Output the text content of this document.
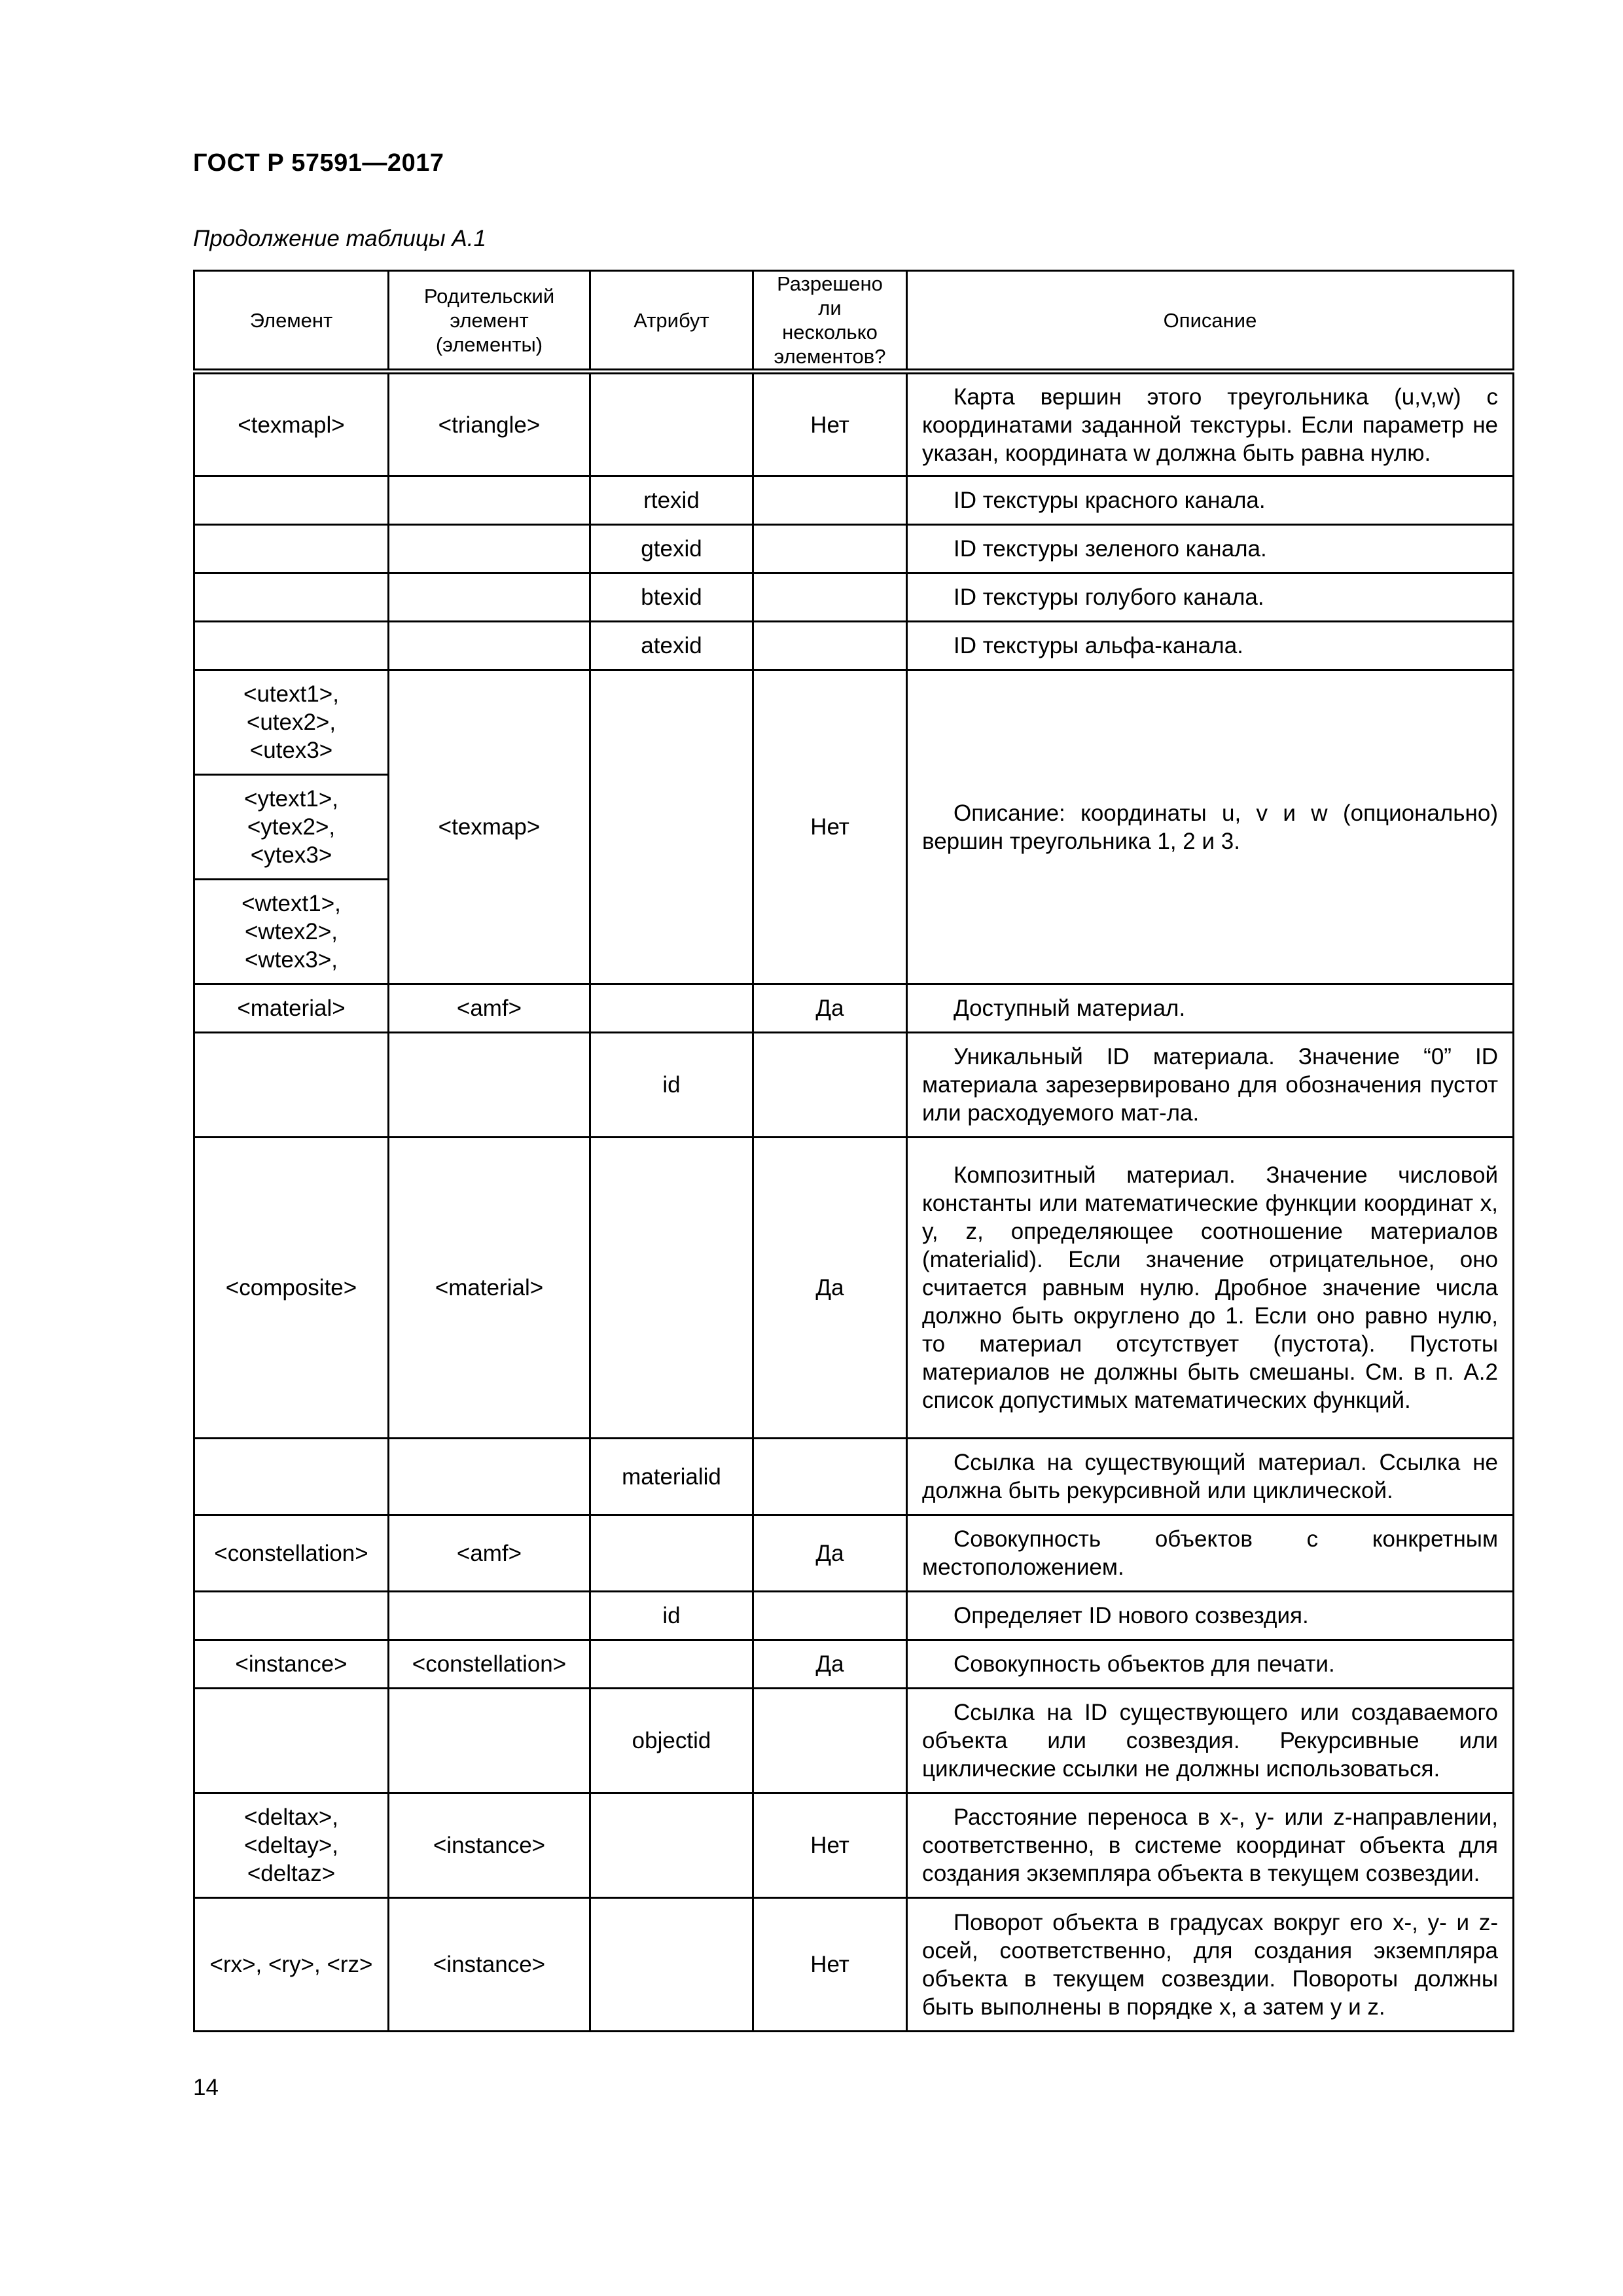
ГОСТ Р 57591—2017
Продолжение таблицы А.1
Элемент	Родительский элемент (элементы)	Атрибут	Разрешено ли несколько элементов?	Описание
<texmapl>	<triangle>		Нет	Карта вершин этого треугольника (u,v,w) с координатами заданной текстуры. Если параметр не указан, координата w должна быть равна нулю.
		rtexid		ID текстуры красного канала.
		gtexid		ID текстуры зеленого канала.
		btexid		ID текстуры голубого канала.
		atexid		ID текстуры альфа-канала.
<utext1>, <utex2>, <utex3>	<texmap>		Нет	Описание: координаты u, v и w (опционально) вершин треугольника 1, 2 и 3.
<ytext1>, <ytex2>, <ytex3>				
<wtext1>, <wtex2>, <wtex3>,				
<material>	<amf>		Да	Доступный материал.
		id		Уникальный ID материала. Значение “0” ID материала зарезервировано для обозначения пустот или расходуемого мат-ла.
<composite>	<material>		Да	Композитный материал. Значение числовой константы или математические функции координат x, y, z, определяющее соотношение материалов (materialid). Если значение отрицательное, оно считается равным нулю. Дробное значение числа должно быть округлено до 1. Если оно равно нулю, то материал отсутствует (пустота). Пустоты материалов не должны быть смешаны. См. в п. А.2 список допустимых математических функций.
		materialid		Ссылка на существующий материал. Ссылка не должна быть рекурсивной или циклической.
<constellation>	<amf>		Да	Совокупность объектов с конкретным местоположением.
		id		Определяет ID нового созвездия.
<instance>	<constellation>		Да	Совокупность объектов для печати.
		objectid		Ссылка на ID существующего или создаваемого объекта или созвездия. Рекурсивные или циклические ссылки не должны использоваться.
<deltax>, <deltay>, <deltaz>	<instance>		Нет	Расстояние переноса в x-, y- или z-направлении, соответственно, в системе координат объекта для создания экземпляра объекта в текущем созвездии.
<rx>, <ry>, <rz>	<instance>		Нет	Поворот объекта в градусах вокруг его x-, y- и z-осей, соответственно, для создания экземпляра объекта в текущем созвездии. Повороты должны быть выполнены в порядке x, а затем y и z.
14
